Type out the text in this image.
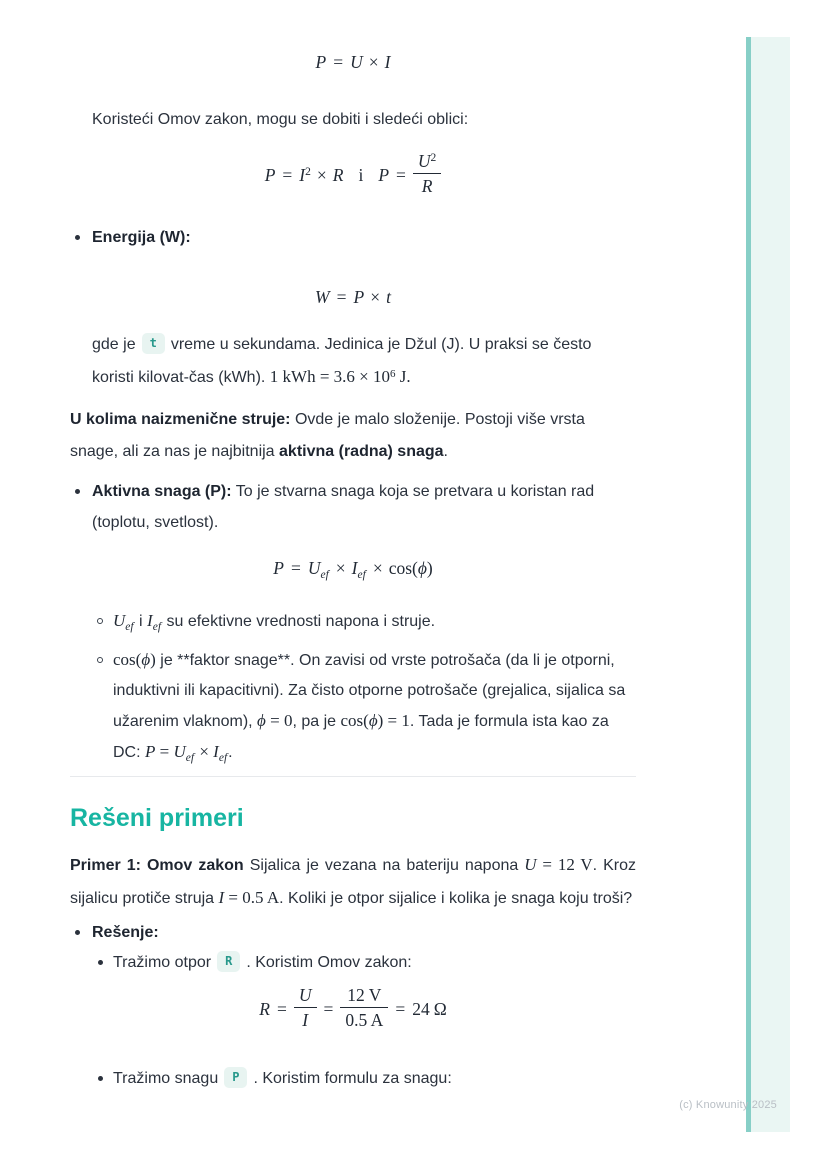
P = U × I

Koristeći Omov zakon, mogu se dobiti i sledeći oblici:

$P = I^2 \times R$ i $P = \frac{U^2}{R}$
Energija (W):
W = P × t

gde je t vreme u sekundama. Jedinica je Džul (J). U praksi se često koristi kilovat-čas (kWh). 1 kWh = $3.6 \times 10^6$ J.

U kolima naizmenične struje: Ovde je malo složenije. Postoji više vrsta snage, ali za nas je najbitnija aktivna (radna) snaga.

Aktivna snaga (P): To je stvarna snaga koja se pretvara u koristan rad (toplotu, svetlost).
$P = U_{ef} \times I_{ef} \times \cos(\phi)$
$U_{ef}$ i $I_{ef}$ su efektivne vrednosti napona i struje.
cos(ϕ) je **faktor snage**. On zavisi od vrste potrošača (da li je otporni, induktivni ili kapacitivni). Za čisto otporne potrošače (grejalica, sijalica sa užarenim vlaknom), ϕ = 0, pa je cos(ϕ) = 1. Tada je formula ista kao za DC: $P = U_{ef} \times I_{ef}$.
Rešeni primeri

Primer 1: Omov zakon Sijalica je vezana na bateriju napona U = 12 V. Kroz sijalicu protiče struja I = 0.5 A. Koliki je otpor sijalice i kolika je snaga koju troši?

Rešenje:
Tražimo otpor R . Koristim Omov zakon:
$R = \frac{U}{I} = \frac{12 V}{0.5 A} = 24$ Ω
Tražimo snagu P . Koristim formulu za snagu:
(c) Knowunity 2025
